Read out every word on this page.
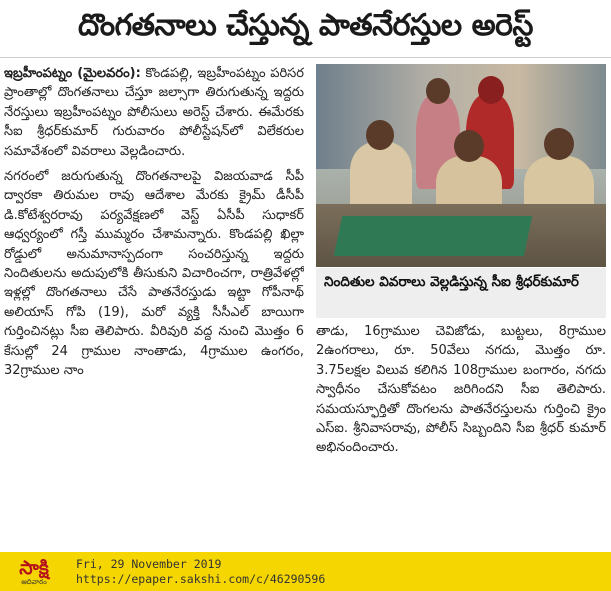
దొంగతనాలు చేస్తున్న పాతనేరస్తుల అరెస్ట్

ఇబ్రహీంపట్నం (మైలవరం): కొండపల్లి, ఇబ్రహీంపట్నం పరిసర ప్రాంతాల్లో దొంగతనాలు చేస్తూ జల్సాగా తిరుగుతున్న ఇద్దరు నేరస్తులు ఇబ్రహీంపట్నం పోలీసులు అరెస్ట్ చేశారు. ఈమేరకు సీఐ శ్రీధర్‌కుమార్ గురువారం పోలీస్టేషన్‌లో విలేకరుల సమావేశంలో వివరాలు వెల్లడించారు.

నగరంలో జరుగుతున్న దొంగతనాలపై విజయవాడ సీపీ ద్వారకా తిరుమల రావు ఆదేశాల మేరకు క్రైమ్ డీసీపీ డి.కోటేశ్వరరావు పర్యవేక్షణలో వెస్ట్ ఏసీపీ సుధాకర్ ఆధ్వర్యంలో గస్తీ ముమ్మరం చేశామన్నారు. కొండపల్లి ఖిల్లా రోడ్డులో అనుమానాస్పదంగా సంచరిస్తున్న ఇద్దరు నిందితులను అదుపులోకి తీసుకుని విచారించగా, రాత్రివేళల్లో ఇళ్లల్లో దొంగతనాలు చేసే పాతనేరస్తుడు ఇట్టా గోపీనాథ్ అలియాస్ గోపి (19), మరో వ్యక్తి సీసీఎల్ బాయిగా గుర్తించినట్లు సీఐ తెలిపారు. వీరివురి వద్ద నుంచి మొత్తం 6 కేసుల్లో 24 గ్రాముల నాంతాడు, 4గ్రాముల ఉంగరం, 32గ్రాముల నాం

నిందితుల వివరాలు వెల్లడిస్తున్న సీఐ శ్రీధర్‌కుమార్

తాడు, 16గ్రాముల చెవిజోడు, బుట్టలు, 8గ్రాముల 2ఉంగరాలు, రూ. 50వేలు నగదు, మొత్తం రూ. 3.75లక్షల విలువ కలిగిన 108గ్రాముల బంగారం, నగదు స్వాధీనం చేసుకోవటం జరిగిందని సీఐ తెలిపారు. సమయస్ఫూర్తితో దొంగలను పాతనేరస్తులను గుర్తించి క్రైం ఎస్ఐ. శ్రీనివాసరావు, పోలీస్ సిబ్బందిని సీఐ శ్రీధర్ కుమార్ అభినందించారు.

సాక్షి
ఆదివారం
Fri, 29 November 2019
https://epaper.sakshi.com/c/46290596
